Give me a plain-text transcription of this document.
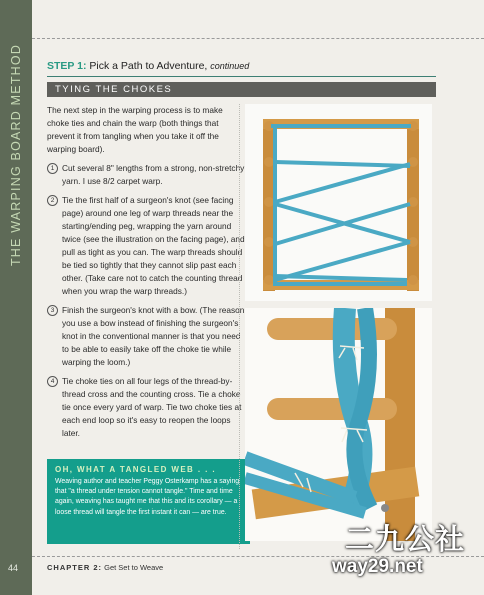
THE WARPING BOARD METHOD
44
STEP 1: Pick a Path to Adventure, continued
TYING THE CHOKES

The next step in the warping process is to make choke ties and chain the warp (both things that prevent it from tangling when you take it off the warping board).

1 Cut several 8" lengths from a strong, non-stretchy yarn. I use 8/2 carpet warp.
2 Tie the first half of a surgeon's knot (see facing page) around one leg of warp threads near the starting/ending peg, wrapping the yarn around twice (see the illustration on the facing page), and pull as tight as you can. The warp threads should be tied so tightly that they cannot slip past each other. (Take care not to catch the counting thread when you wrap the warp threads.)
3 Finish the surgeon's knot with a bow. (The reason you use a bow instead of finishing the surgeon's knot in the conventional manner is that you need to be able to easily take off the choke tie while warping the loom.)
4 Tie choke ties on all four legs of the thread-by-thread cross and the counting cross. Tie a choke tie once every yard of warp. Tie two choke ties at each end loop so it's easy to reopen the loops later.
OH, WHAT A TANGLED WEB . . .

Weaving author and teacher Peggy Osterkamp has a saying that "a thread under tension cannot tangle." Time and time again, weaving has taught me that this and its corollary — a loose thread will tangle the first instant it can — are true.

CHAPTER 2: Get Set to Weave
二九公社
way29.net
